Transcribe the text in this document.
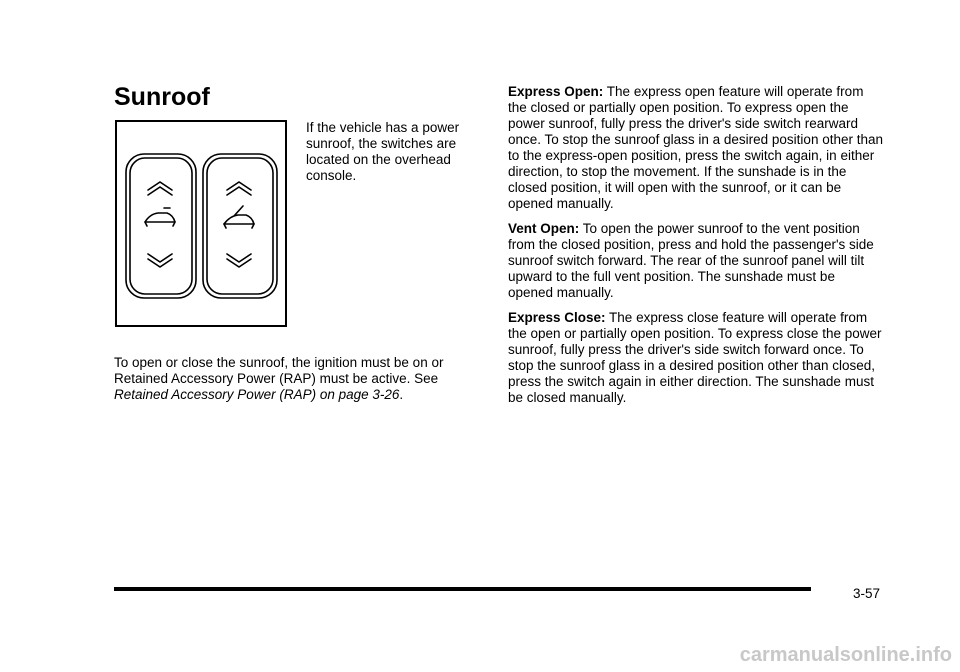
Sunroof

If the vehicle has a power sunroof, the switches are located on the overhead console.

To open or close the sunroof, the ignition must be on or Retained Accessory Power (RAP) must be active. See Retained Accessory Power (RAP) on page 3-26.

Express Open: The express open feature will operate from the closed or partially open position. To express open the power sunroof, fully press the driver's side switch rearward once. To stop the sunroof glass in a desired position other than to the express-open position, press the switch again, in either direction, to stop the movement. If the sunshade is in the closed position, it will open with the sunroof, or it can be opened manually.

Vent Open: To open the power sunroof to the vent position from the closed position, press and hold the passenger's side sunroof switch forward. The rear of the sunroof panel will tilt upward to the full vent position. The sunshade must be opened manually.

Express Close: The express close feature will operate from the open or partially open position. To express close the power sunroof, fully press the driver's side switch forward once. To stop the sunroof glass in a desired position other than closed, press the switch again in either direction. The sunshade must be closed manually.

3-57
carmanualsonline.info
